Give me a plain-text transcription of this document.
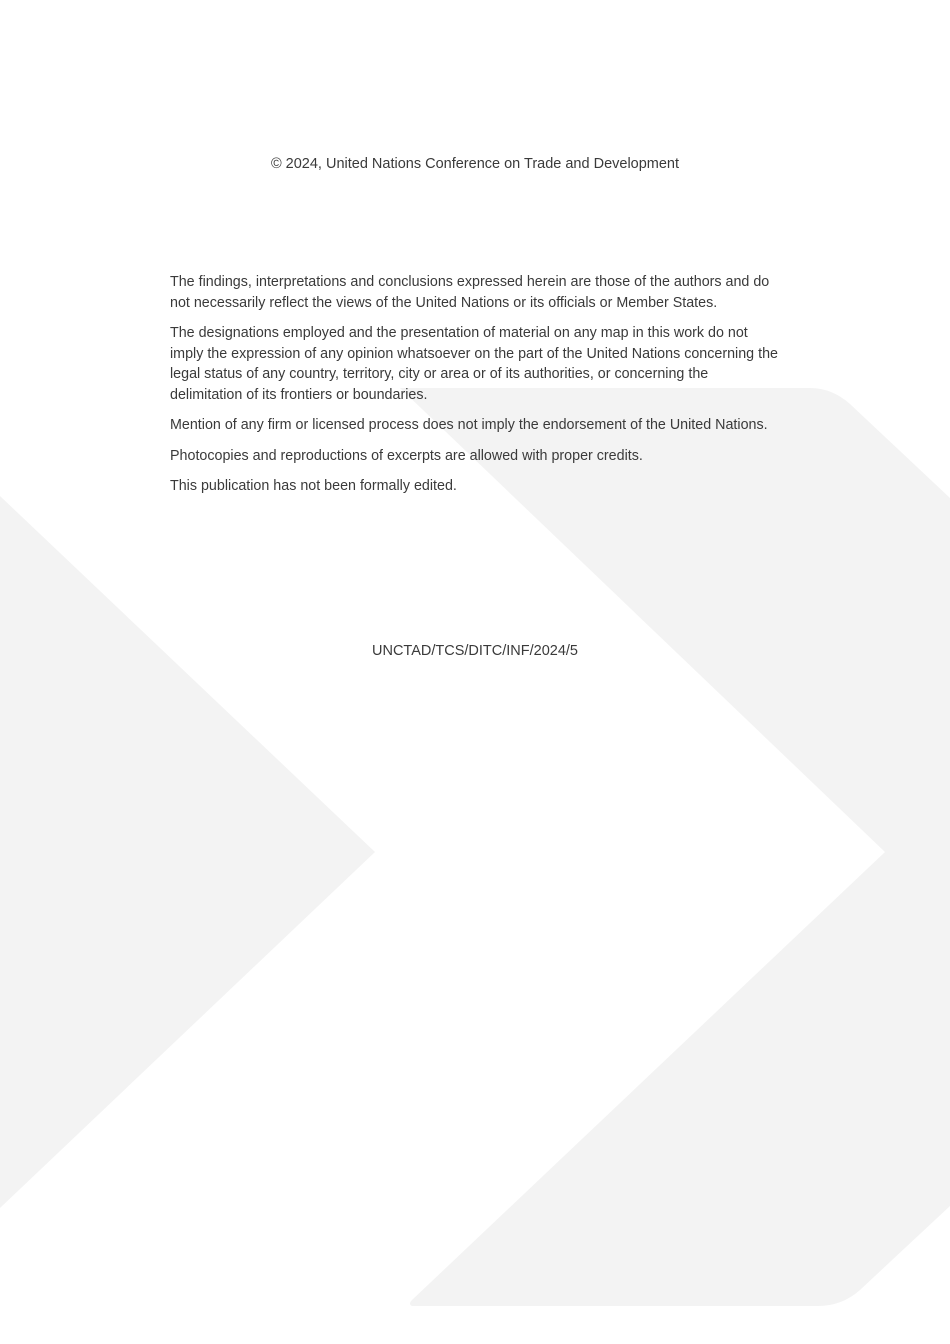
© 2024, United Nations Conference on Trade and Development

The findings, interpretations and conclusions expressed herein are those of the authors and do not necessarily reflect the views of the United Nations or its officials or Member States.

The designations employed and the presentation of material on any map in this work do not imply the expression of any opinion whatsoever on the part of the United Nations concerning the legal status of any country, territory, city or area or of its authorities, or concerning the delimitation of its frontiers or boundaries.

Mention of any firm or licensed process does not imply the endorsement of the United Nations.

Photocopies and reproductions of excerpts are allowed with proper credits.

This publication has not been formally edited.

UNCTAD/TCS/DITC/INF/2024/5
